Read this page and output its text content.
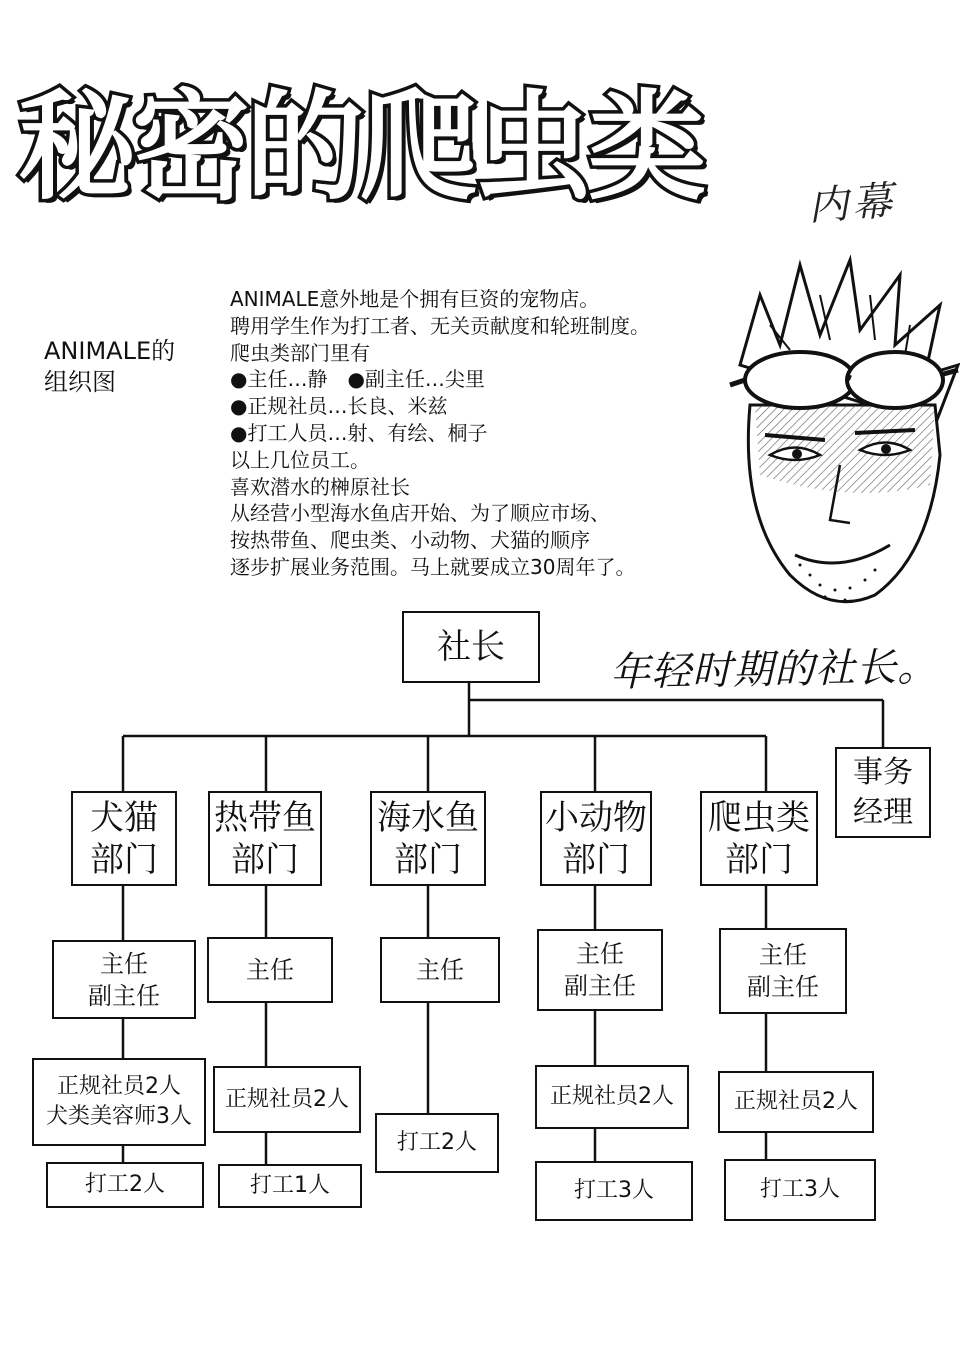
秘密的爬虫类	内幕
ANIMALE的
组织图
ANIMALE意外地是个拥有巨资的宠物店。
聘用学生作为打工者、无关贡献度和轮班制度。
爬虫类部门里有
●主任…静　●副主任…尖里
●正规社员…长良、米兹
●打工人员…射、有绘、桐子
以上几位员工。
喜欢潜水的榊原社长
从经营小型海水鱼店开始、为了顺应市场、
按热带鱼、爬虫类、小动物、犬猫的顺序
逐步扩展业务范围。马上就要成立30周年了。
年轻时期的社长。
社长
事务
经理
犬猫
部门
主任
副主任
正规社员2人
犬类美容师3人
打工2人
热带鱼
部门
主任
正规社员2人
打工1人
海水鱼
部门
主任
打工2人
小动物
部门
主任
副主任
正规社员2人
打工3人
爬虫类
部门
主任
副主任
正规社员2人
打工3人
